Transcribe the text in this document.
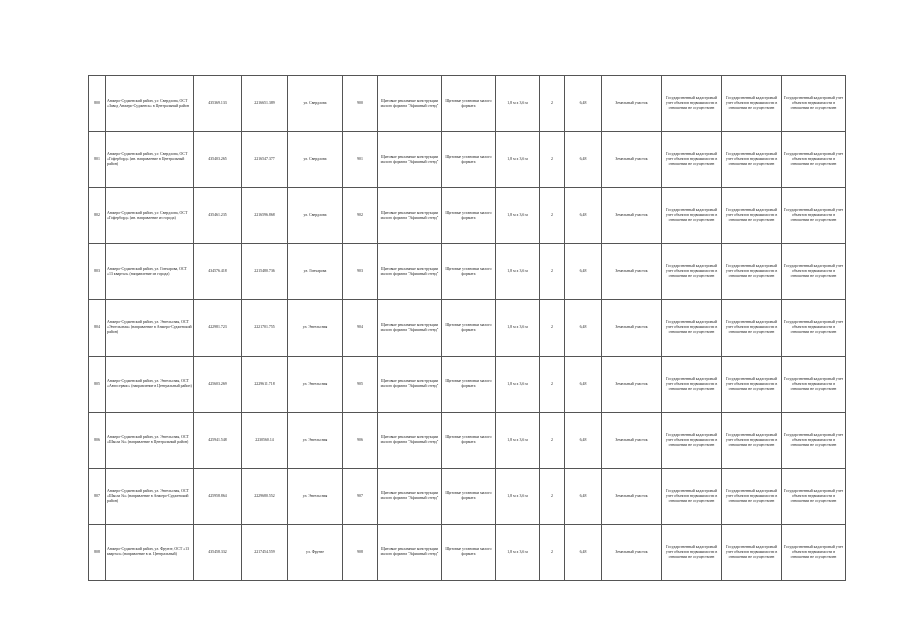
800	Анжеро-Судженский район, у.г. Свердлова, ОСТ «Завод Анжеро-Судженск» в Центральный район	435369.133	2216651.389	ул. Свердлова	900	Щитовые рекламные конструкции малого формата "Афишный стенд"	Щитовые установки малого формата	1,8 м х 3,6 м	2	6,48	Земельный участок	Государственный кадастровый учет объектов недвижимости в отношении не осуществлен	Государственный кадастровый учет объектов недвижимости в отношении не осуществлен	Государственный кадастровый учет объектов недвижимости в отношении не осуществлен
801	Анжеро-Судженский район, у.г. Свердлова, ОСТ «Гоферборд» (ин. направление в Центральный район)	435403.265	2216547.377	ул. Свердлова	901	Щитовые рекламные конструкции малого формата "Афишный стенд"	Щитовые установки малого формата	1,8 м х 3,6 м	2	6,48	Земельный участок	Государственный кадастровый учет объектов недвижимости в отношении не осуществлен	Государственный кадастровый учет объектов недвижимости в отношении не осуществлен	Государственный кадастровый учет объектов недвижимости в отношении не осуществлен
802	Анжеро-Судженский район, у.г. Свердлова, ОСТ «Гоферборд» (ин. направление из города)	435461.235	2216596.868	ул. Свердлова	902	Щитовые рекламные конструкции малого формата "Афишный стенд"	Щитовые установки малого формата	1,8 м х 3,6 м	2	6,48	Земельный участок	Государственный кадастровый учет объектов недвижимости в отношении не осуществлен	Государственный кадастровый учет объектов недвижимости в отношении не осуществлен	Государственный кадастровый учет объектов недвижимости в отношении не осуществлен
803	Анжеро-Судженский район, ул. Гончарова, ОСТ «13 квартал» (направление из города)	434576.418	2215480.736	ул. Гончарова	903	Щитовые рекламные конструкции малого формата "Афишный стенд"	Щитовые установки малого формата	1,8 м х 3,6 м	2	6,48	Земельный участок	Государственный кадастровый учет объектов недвижимости в отношении не осуществлен	Государственный кадастровый учет объектов недвижимости в отношении не осуществлен	Государственный кадастровый учет объектов недвижимости в отношении не осуществлен
804	Анжеро-Судженский район, ул. Энгельсная, ОСТ «Энгельсная» (направление в Анжеро-Судженский район)	422981.723	2221701.755	ул. Энгельсная	904	Щитовые рекламные конструкции малого формата "Афишный стенд"	Щитовые установки малого формата	1,8 м х 3,6 м	2	6,48	Земельный участок	Государственный кадастровый учет объектов недвижимости в отношении не осуществлен	Государственный кадастровый учет объектов недвижимости в отношении не осуществлен	Государственный кадастровый учет объектов недвижимости в отношении не осуществлен
805	Анжеро-Судженский район, ул. Энгельсная, ОСТ «Автосервис» (направление в Центральный район)	425603.269	2229611.718	ул. Энгельсная	905	Щитовые рекламные конструкции малого формата "Афишный стенд"	Щитовые установки малого формата	1,8 м х 3,6 м	2	6,48	Земельный участок	Государственный кадастровый учет объектов недвижимости в отношении не осуществлен	Государственный кадастровый учет объектов недвижимости в отношении не осуществлен	Государственный кадастровый учет объектов недвижимости в отношении не осуществлен
806	Анжеро-Судженский район, ул. Энгельсная, ОСТ «Школа №» (направление в Центральный район)	425941.548	2230560.14	ул. Энгельсная	906	Щитовые рекламные конструкции малого формата "Афишный стенд"	Щитовые установки малого формата	1,8 м х 3,6 м	2	6,48	Земельный участок	Государственный кадастровый учет объектов недвижимости в отношении не осуществлен	Государственный кадастровый учет объектов недвижимости в отношении не осуществлен	Государственный кадастровый учет объектов недвижимости в отношении не осуществлен
807	Анжеро-Судженский район, ул. Энгельсная, ОСТ «Школа №» (направление в Анжеро-Судженский район)	425958.864	2229680.552	ул. Энгельсная	907	Щитовые рекламные конструкции малого формата "Афишный стенд"	Щитовые установки малого формата	1,8 м х 3,6 м	2	6,48	Земельный участок	Государственный кадастровый учет объектов недвижимости в отношении не осуществлен	Государственный кадастровый учет объектов недвижимости в отношении не осуществлен	Государственный кадастровый учет объектов недвижимости в отношении не осуществлен
808	Анжеро-Судженский район, ул. Фрунзе, ОСТ «13 квартал» (направление в м. Центральный)	435458.332	2217454.559	ул. Фрунзе	908	Щитовые рекламные конструкции малого формата "Афишный стенд"	Щитовые установки малого формата	1,8 м х 3,6 м	2	6,48	Земельный участок	Государственный кадастровый учет объектов недвижимости в отношении не осуществлен	Государственный кадастровый учет объектов недвижимости в отношении не осуществлен	Государственный кадастровый учет объектов недвижимости в отношении не осуществлен
